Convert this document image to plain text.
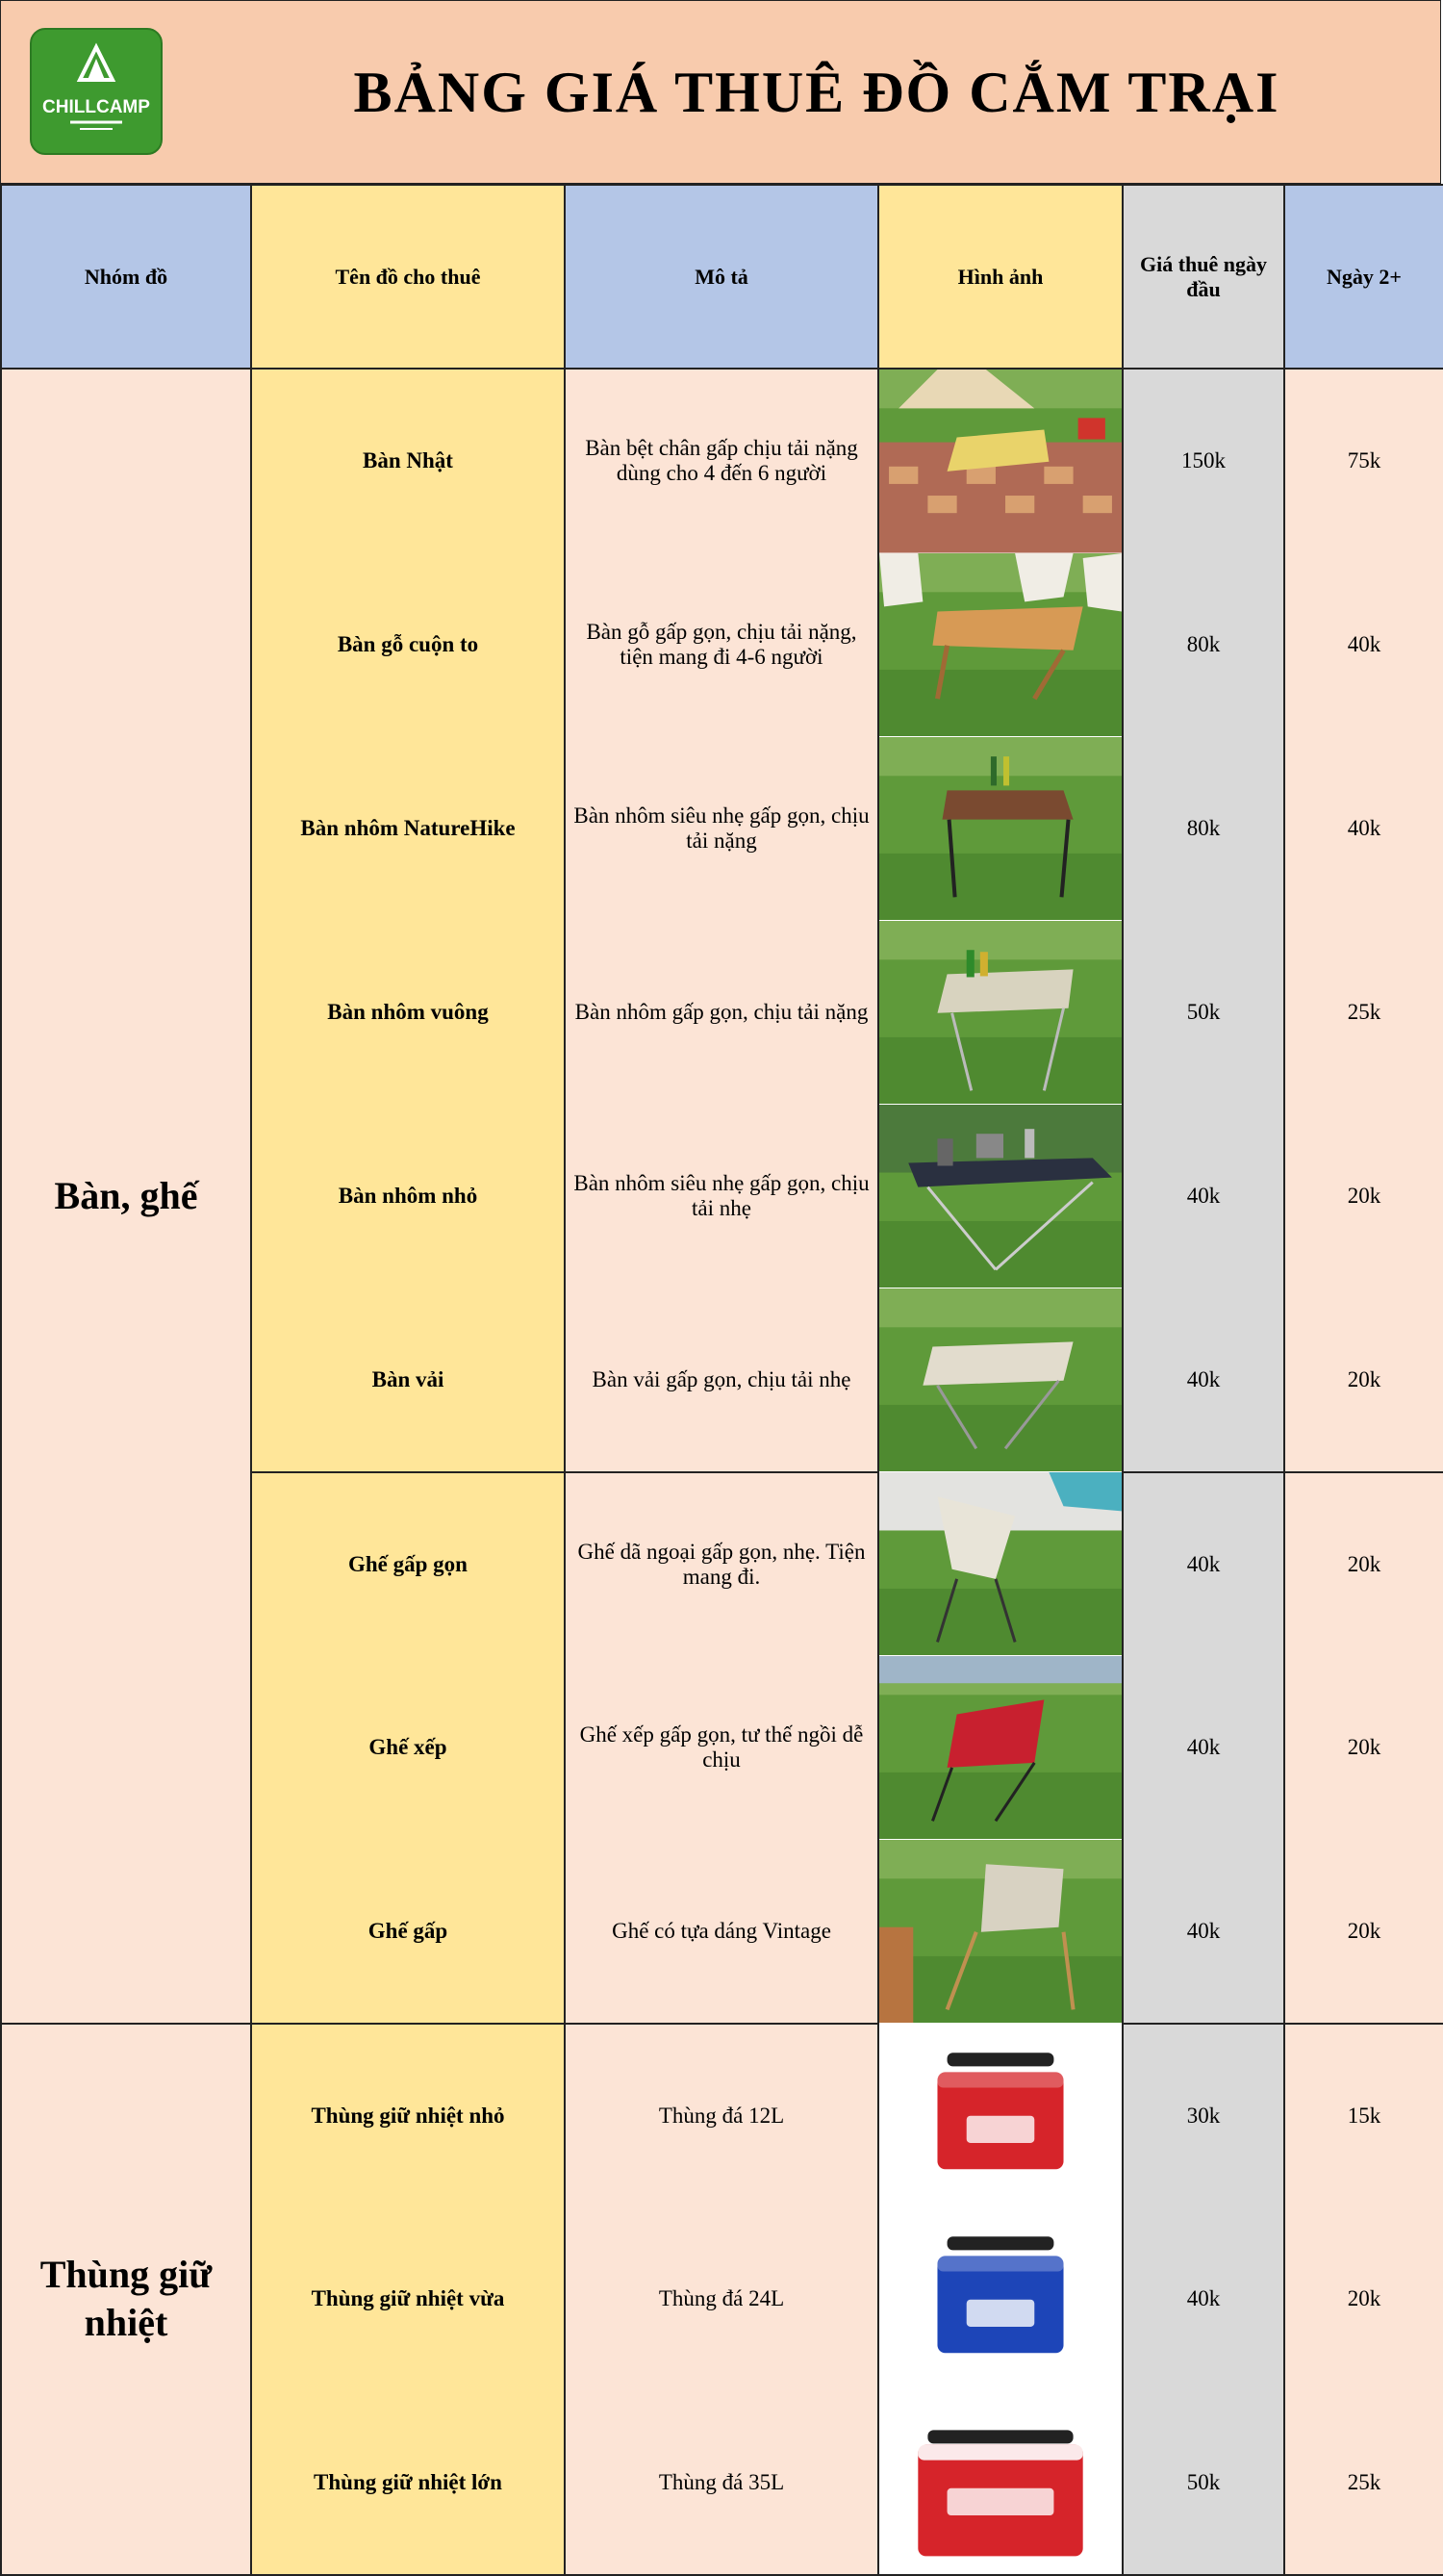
CHILLCAMP	BẢNG GIÁ THUÊ ĐỒ CẮM TRẠI
Nhóm đồ	Tên đồ cho thuê	Mô tả	Hình ảnh	Giá thuê ngày đầu	Ngày 2+
Bàn, ghế	Bàn Nhật	Bàn bệt chân gấp chịu tải nặng dùng cho 4 đến 6 người		150k	75k
	Bàn gỗ cuộn to	Bàn gỗ gấp gọn, chịu tải nặng, tiện mang đi 4-6 người		80k	40k
	Bàn nhôm NatureHike	Bàn nhôm siêu nhẹ gấp gọn, chịu tải nặng		80k	40k
	Bàn nhôm vuông	Bàn nhôm gấp gọn, chịu tải nặng		50k	25k
	Bàn nhôm nhỏ	Bàn nhôm siêu nhẹ gấp gọn, chịu tải nhẹ		40k	20k
	Bàn vải	Bàn vải gấp gọn, chịu tải nhẹ		40k	20k
	Ghế gấp gọn	Ghế dã ngoại gấp gọn, nhẹ. Tiện mang đi.		40k	20k
	Ghế xếp	Ghế xếp gấp gọn, tư thế ngồi dễ chịu		40k	20k
	Ghế gấp	Ghế có tựa dáng Vintage		40k	20k
Thùng giữ nhiệt	Thùng giữ nhiệt nhỏ	Thùng đá 12L		30k	15k
	Thùng giữ nhiệt vừa	Thùng đá 24L		40k	20k
	Thùng giữ nhiệt lớn	Thùng đá 35L		50k	25k
